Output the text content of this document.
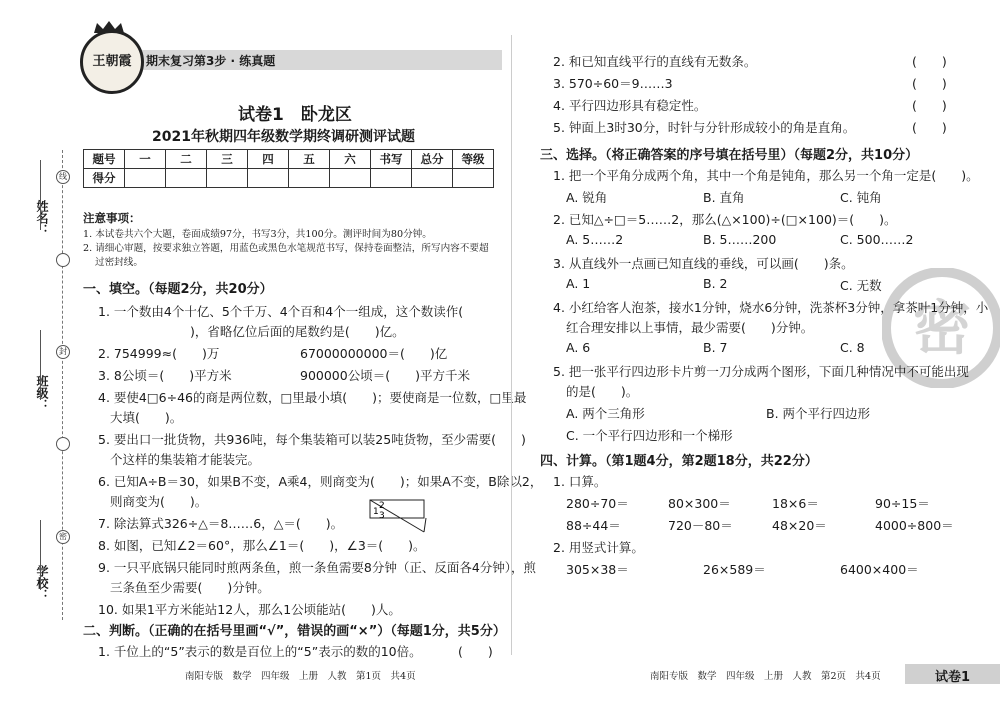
姓名：
班级：
学校：
线
封
密
王朝霞	期末复习第3步 · 练真题
试卷1　卧龙区
2021年秋期四年级数学期终调研测评试题
题号	一	二	三	四	五	六	书写	总分	等级
得分									
注意事项：
1. 本试卷共六个大题，卷面成绩97分，书写3分，共100分。测评时间为80分钟。
2. 请细心审题，按要求独立答题，用蓝色或黑色水笔规范书写，保持卷面整洁，所写内容不要超
过密封线。
一、填空。（每题2分，共20分）
1. 一个数由4个十亿、5个千万、4个百和4个一组成，这个数读作(
)，省略亿位后面的尾数约是(　　)亿。
2. 754999≈(　　)万	67000000000＝(　　)亿
3. 8公顷＝(　　)平方米	900000公顷＝(　　)平方千米
4. 要使4□6÷46的商是两位数，□里最小填(　　)；要使商是一位数，□里最
大填(　　)。
5. 要出口一批货物，共936吨，每个集装箱可以装25吨货物，至少需要(　　)
个这样的集装箱才能装完。
6. 已知A÷B＝30，如果B不变，A乘4，则商变为(　　)；如果A不变，B除以2，
则商变为(　　)。
7. 除法算式326÷△＝8……6，△＝(　　)。
8. 如图，已知∠2＝60°，那么∠1＝(　　)，∠3＝(　　)。
9. 一只平底锅只能同时煎两条鱼，煎一条鱼需要8分钟（正、反面各4分钟），煎
三条鱼至少需要(　　)分钟。
10. 如果1平方米能站12人，那么1公顷能站(　　)人。
1
2
3
二、判断。（正确的在括号里画“√”，错误的画“×”）（每题1分，共5分）
1. 千位上的“5”表示的数是百位上的“5”表示的数的10倍。	(　　)
南阳专版　数学　四年级　上册　人教　第1页　共4页
2. 和已知直线平行的直线有无数条。	(　　)
3. 570÷60＝9……3	(　　)
4. 平行四边形具有稳定性。	(　　)
5. 钟面上3时30分，时针与分针形成较小的角是直角。	(　　)
密
三、选择。（将正确答案的序号填在括号里）（每题2分，共10分）
1. 把一个平角分成两个角，其中一个角是钝角，那么另一个角一定是(　　)。
A. 锐角	B. 直角	C. 钝角
2. 已知△÷□＝5……2，那么(△×100)÷(□×100)＝(　　)。
A. 5……2	B. 5……200	C. 500……2
3. 从直线外一点画已知直线的垂线，可以画(　　)条。
A. 1	B. 2	C. 无数
4. 小红给客人泡茶，接水1分钟，烧水6分钟，洗茶杯3分钟，拿茶叶1分钟，小
红合理安排以上事情，最少需要(　　)分钟。
A. 6	B. 7	C. 8
5. 把一张平行四边形卡片剪一刀分成两个图形，下面几种情况中不可能出现
的是(　　)。
A. 两个三角形	B. 两个平行四边形
C. 一个平行四边形和一个梯形
四、计算。（第1题4分，第2题18分，共22分）
1. 口算。
280÷70＝	80×300＝	18×6＝	90÷15＝
88÷44＝	720－80＝	48×20＝	4000÷800＝
2. 用竖式计算。
305×38＝	26×589＝	6400×400＝
南阳专版　数学　四年级　上册　人教　第2页　共4页	试卷1
